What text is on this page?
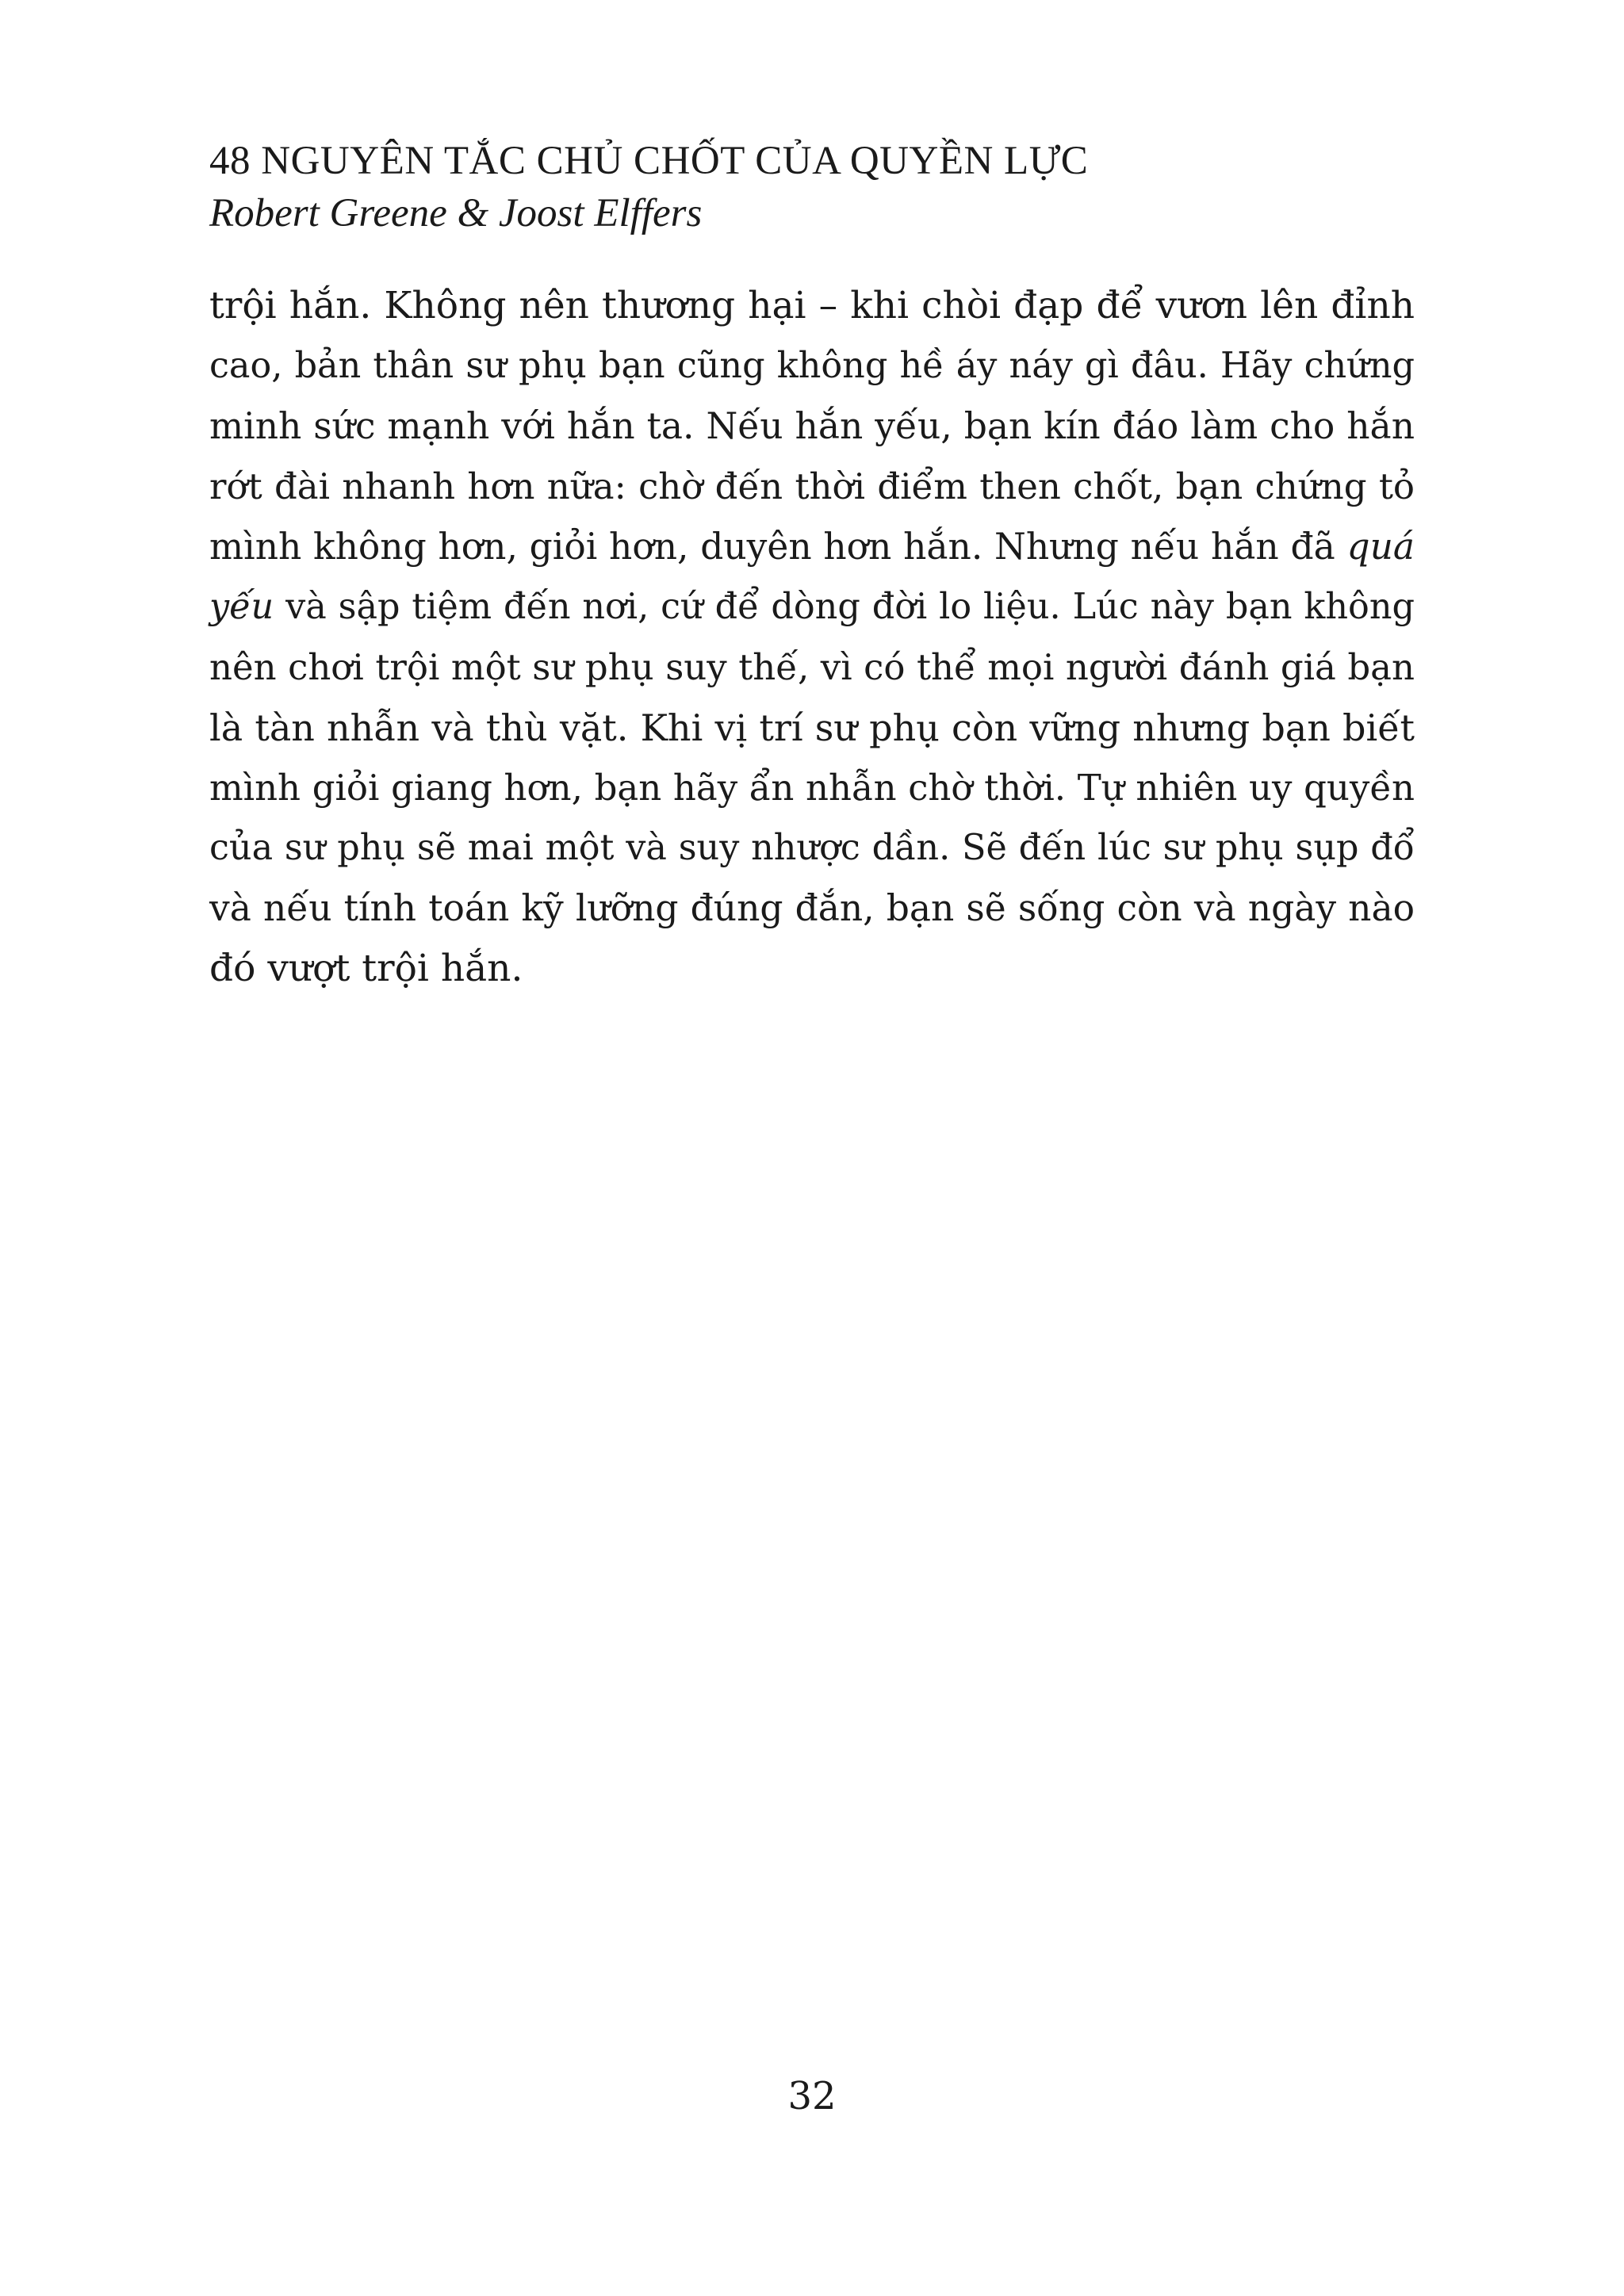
48 NGUYÊN TẮC CHỦ CHỐT CỦA QUYỀN LỰC
Robert Greene & Joost Elffers
trội hắn. Không nên thương hại – khi chòi đạp để vươn lên đỉnh
cao, bản thân sư phụ bạn cũng không hề áy náy gì đâu. Hãy chứng
minh sức mạnh với hắn ta. Nếu hắn yếu, bạn kín đáo làm cho hắn
rớt đài nhanh hơn nữa: chờ đến thời điểm then chốt, bạn chứng tỏ
mình không hơn, giỏi hơn, duyên hơn hắn. Nhưng nếu hắn đã quá
yếu và sập tiệm đến nơi, cứ để dòng đời lo liệu. Lúc này bạn không
nên chơi trội một sư phụ suy thế, vì có thể mọi người đánh giá bạn
là tàn nhẫn và thù vặt. Khi vị trí sư phụ còn vững nhưng bạn biết
mình giỏi giang hơn, bạn hãy ẩn nhẫn chờ thời. Tự nhiên uy quyền
của sư phụ sẽ mai một và suy nhược dần. Sẽ đến lúc sư phụ sụp đổ
và nếu tính toán kỹ lưỡng đúng đắn, bạn sẽ sống còn và ngày nào
đó vượt trội hắn.
32
